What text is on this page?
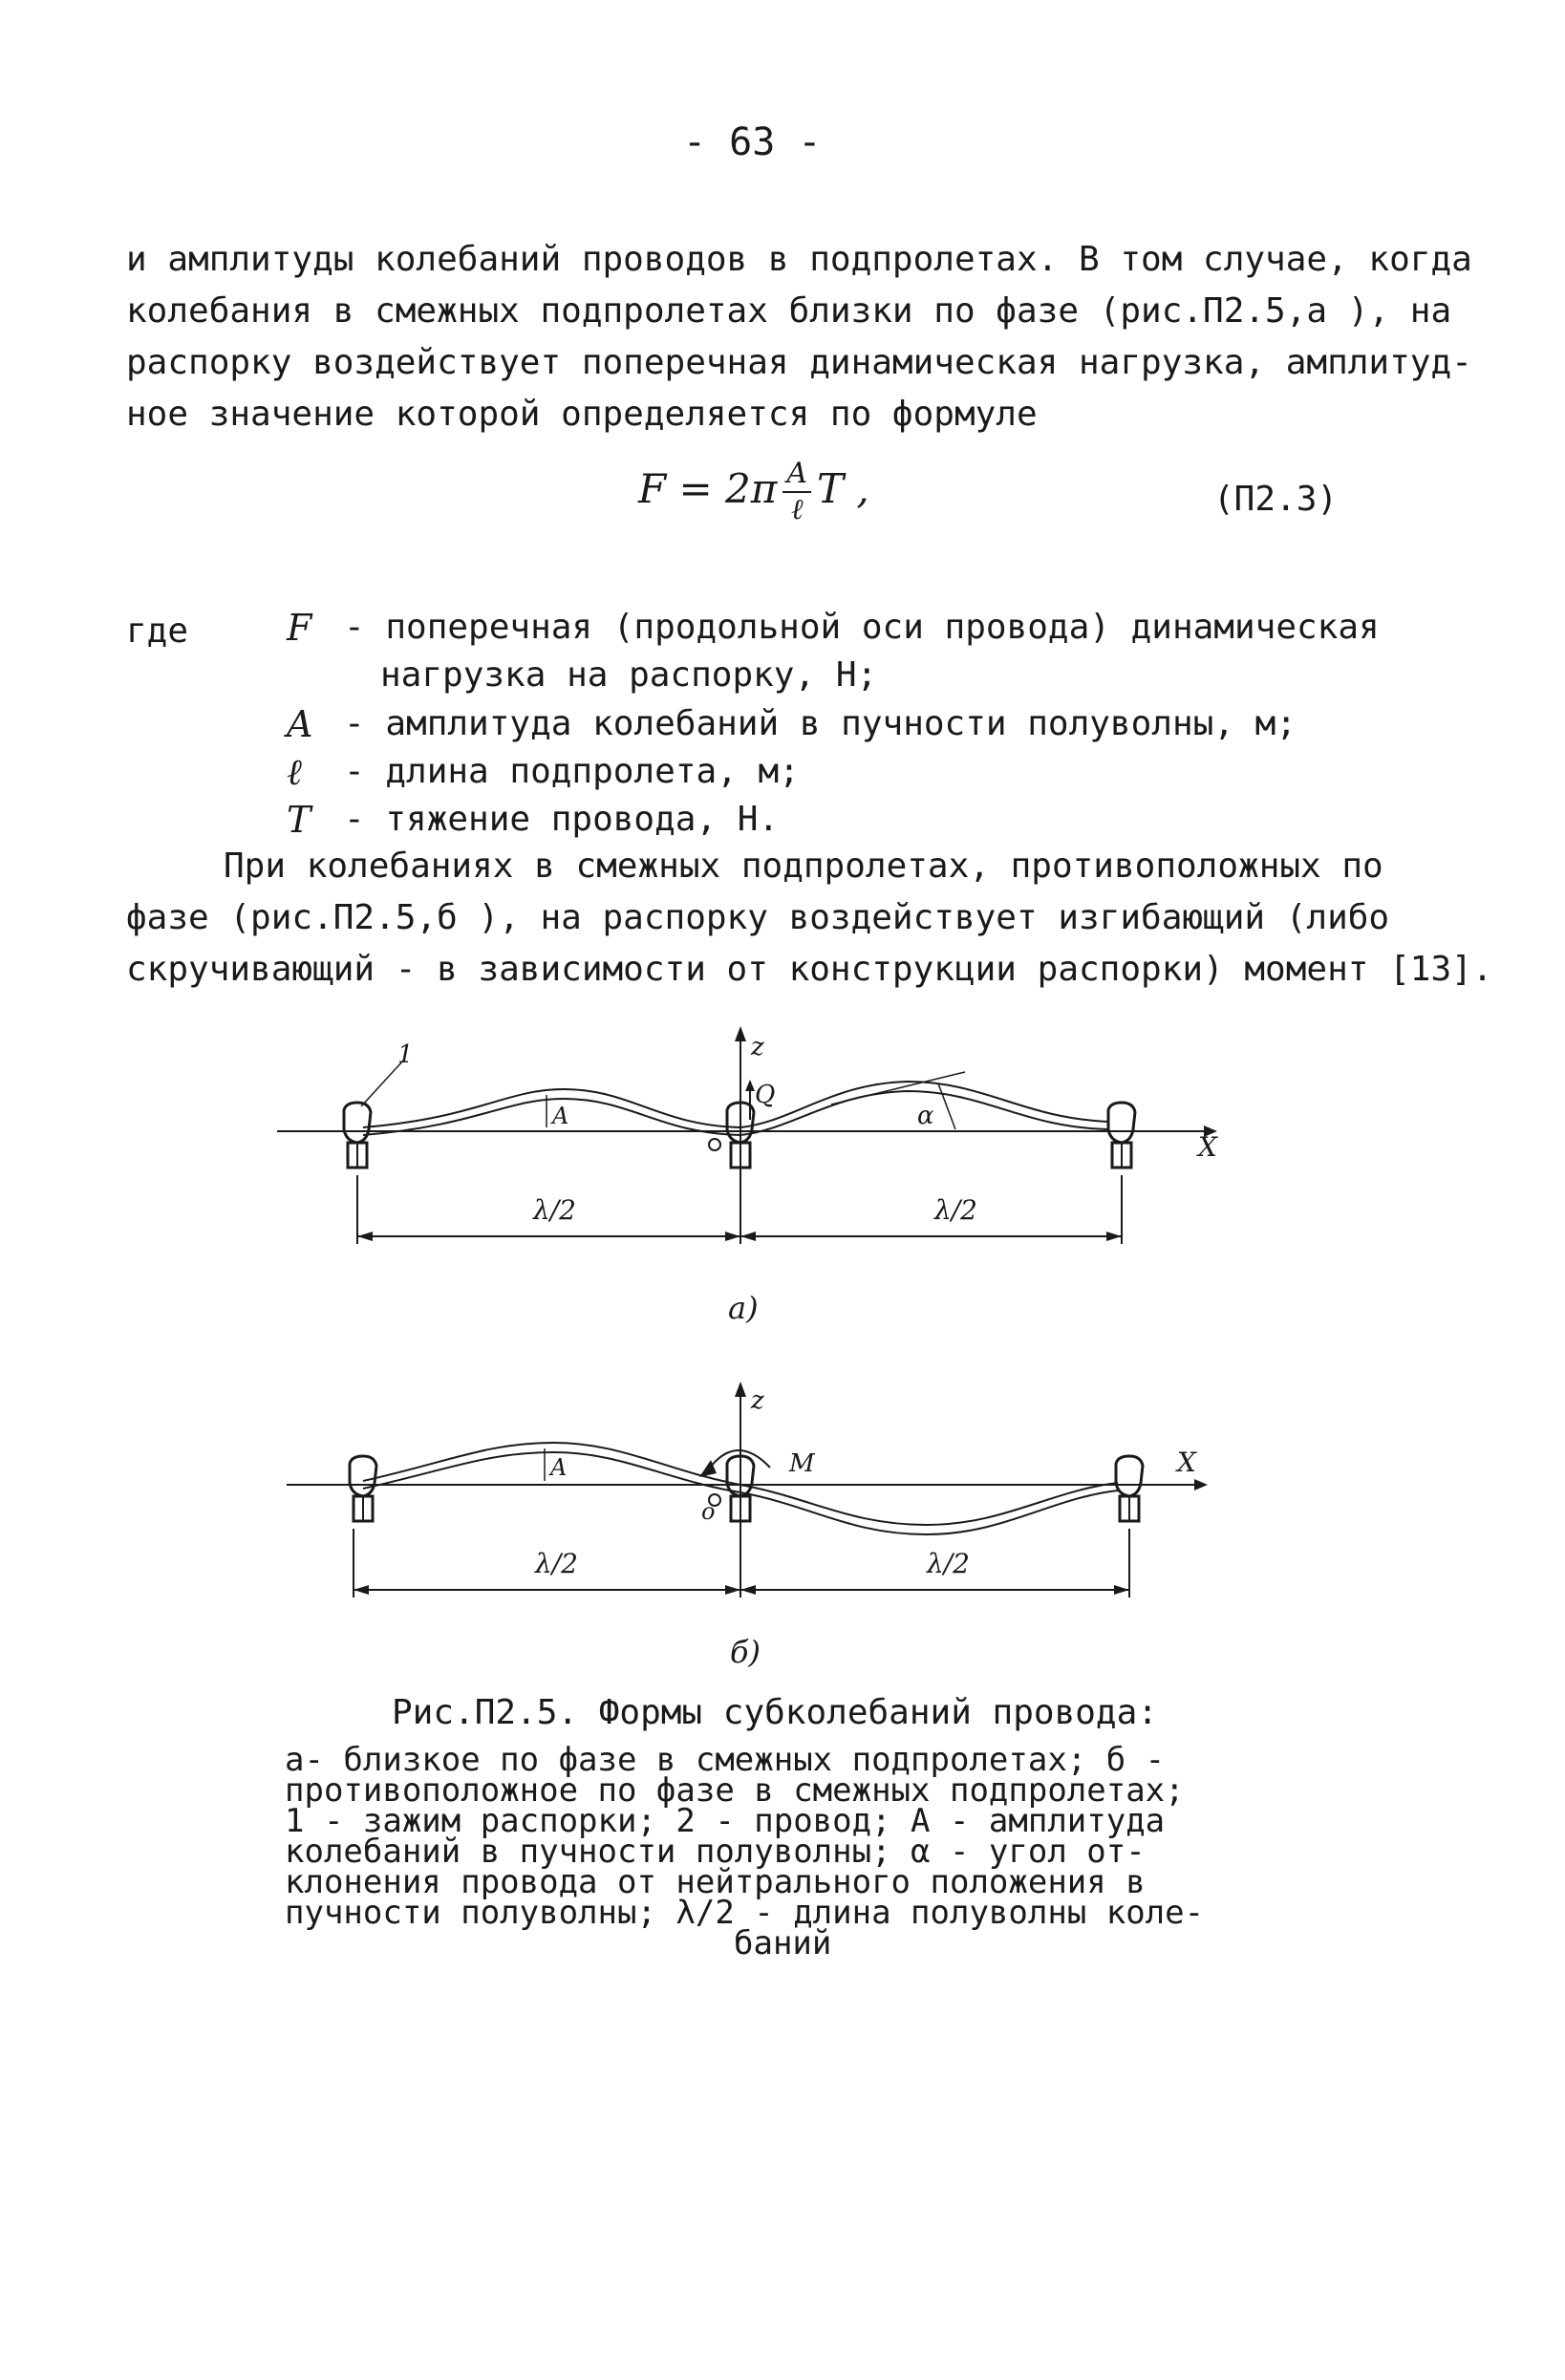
- 63 -
и амплитуды колебаний проводов в подпролетах. В том случае, когда
колебания в смежных подпролетах близки по фазе (рис.П2.5,а ), на
распорку воздействует поперечная динамическая нагрузка, амплитуд-
ное значение которой определяется по формуле
$F = 2\pi \frac{A}{\text{ℓ}}$ T ,	(П2.3)
где	F - поперечная (продольной оси провода) динамическая
нагрузка на распорку, Н;
A - амплитуда колебаний в пучности полуволны, м;
ℓ - длина подпролета, м;
T - тяжение провода, Н.
При колебаниях в смежных подпролетах, противоположных по
фазе (рис.П2.5,б ), на распорку воздействует изгибающий (либо
скручивающий - в зависимости от конструкции распорки) момент [13].
1	z
Q
A	α
X
λ/2	λ/2
а)
z
M
A	X
o
λ/2	λ/2
б)
Рис.П2.5. Формы субколебаний провода:
а- близкое по фазе в смежных подпролетах; б -
противоположное по фазе в смежных подпролетах;
1 - зажим распорки; 2 - провод; А - амплитуда
колебаний в пучности полуволны; α - угол от-
клонения провода от нейтрального положения в
пучности полуволны; λ/2 - длина полуволны коле-
баний
